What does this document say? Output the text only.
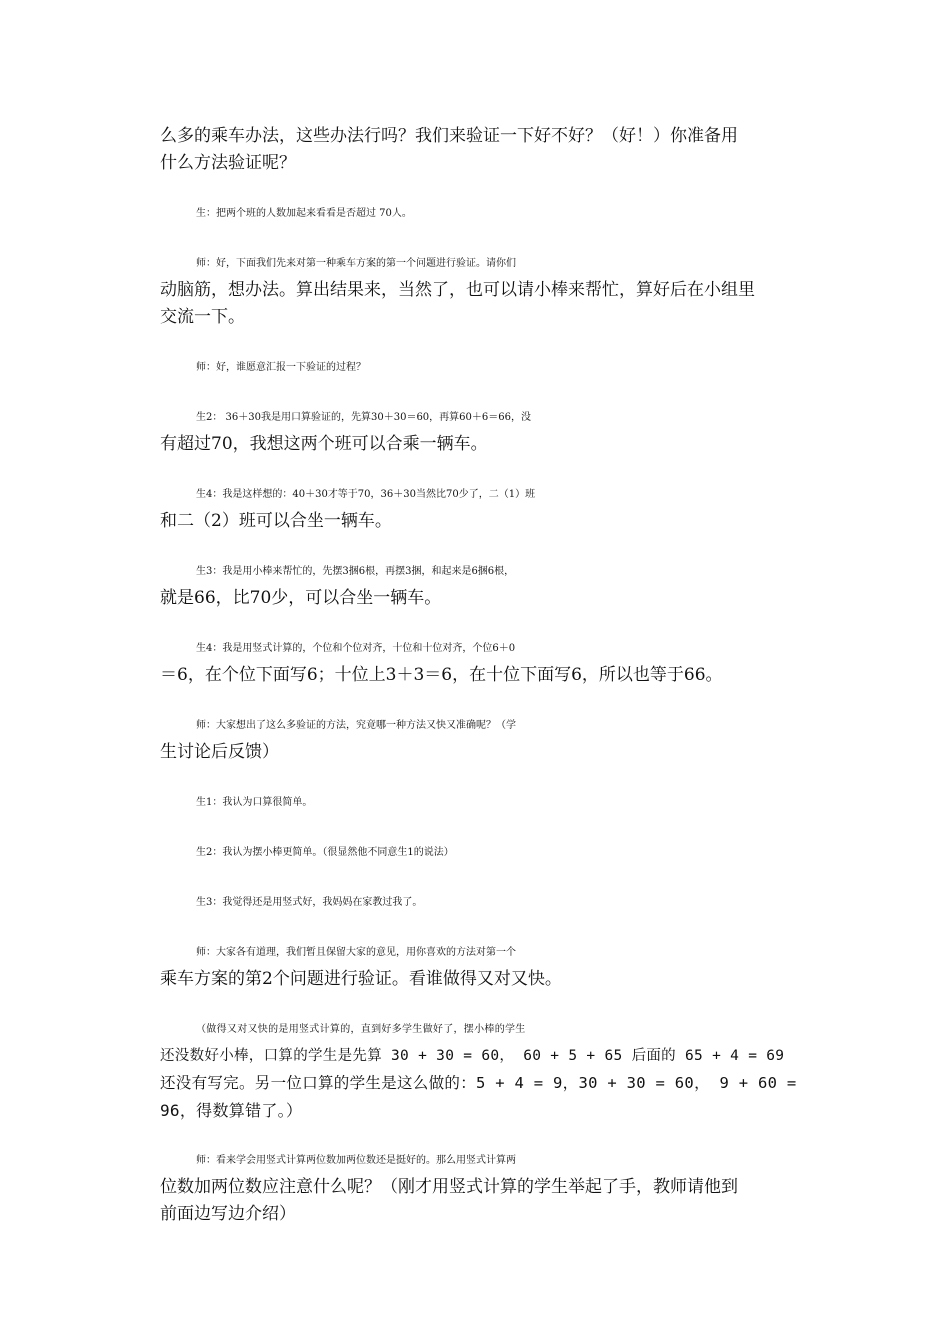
么多的乘车办法，这些办法行吗？我们来验证一下好不好？（好！）你准备用
什么方法验证呢？

生：把两个班的人数加起来看看是否超过 70人。

师：好，下面我们先来对第一种乘车方案的第一个问题进行验证。请你们
动脑筋，想办法。算出结果来，当然了，也可以请小棒来帮忙，算好后在小组里
交流一下。

师：好，谁愿意汇报一下验证的过程？

生2： 36＋30我是用口算验证的，先算30＋30＝60，再算60＋6＝66，没
有超过70，我想这两个班可以合乘一辆车。

生4：我是这样想的：40＋30才等于70，36＋30当然比70少了，二（1）班
和二（2）班可以合坐一辆车。

生3：我是用小棒来帮忙的，先摆3捆6根，再摆3捆，和起来是6捆6根，
就是66，比70少，可以合坐一辆车。

生4：我是用竖式计算的，个位和个位对齐，十位和十位对齐，个位6＋0
＝6，在个位下面写6；十位上3＋3＝6，在十位下面写6，所以也等于66。

师：大家想出了这么多验证的方法，究竟哪一种方法又快又准确呢？（学
生讨论后反馈）

生1：我认为口算很简单。

生2：我认为摆小棒更简单。（很显然他不同意生1的说法）

生3：我觉得还是用竖式好，我妈妈在家教过我了。

师：大家各有道理，我们暂且保留大家的意见，用你喜欢的方法对第一个
乘车方案的第2个问题进行验证。看谁做得又对又快。

（做得又对又快的是用竖式计算的，直到好多学生做好了，摆小棒的学生
还没数好小棒，口算的学生是先算 30 + 30 = 60， 60 + 5 + 65 后面的 65 + 4 = 69
还没有写完。另一位口算的学生是这么做的：5 + 4 = 9，30 + 30 = 60， 9 + 60 =
96，得数算错了。）

师：看来学会用竖式计算两位数加两位数还是挺好的。那么用竖式计算两
位数加两位数应注意什么呢？（刚才用竖式计算的学生举起了手，教师请他到
前面边写边介绍）
